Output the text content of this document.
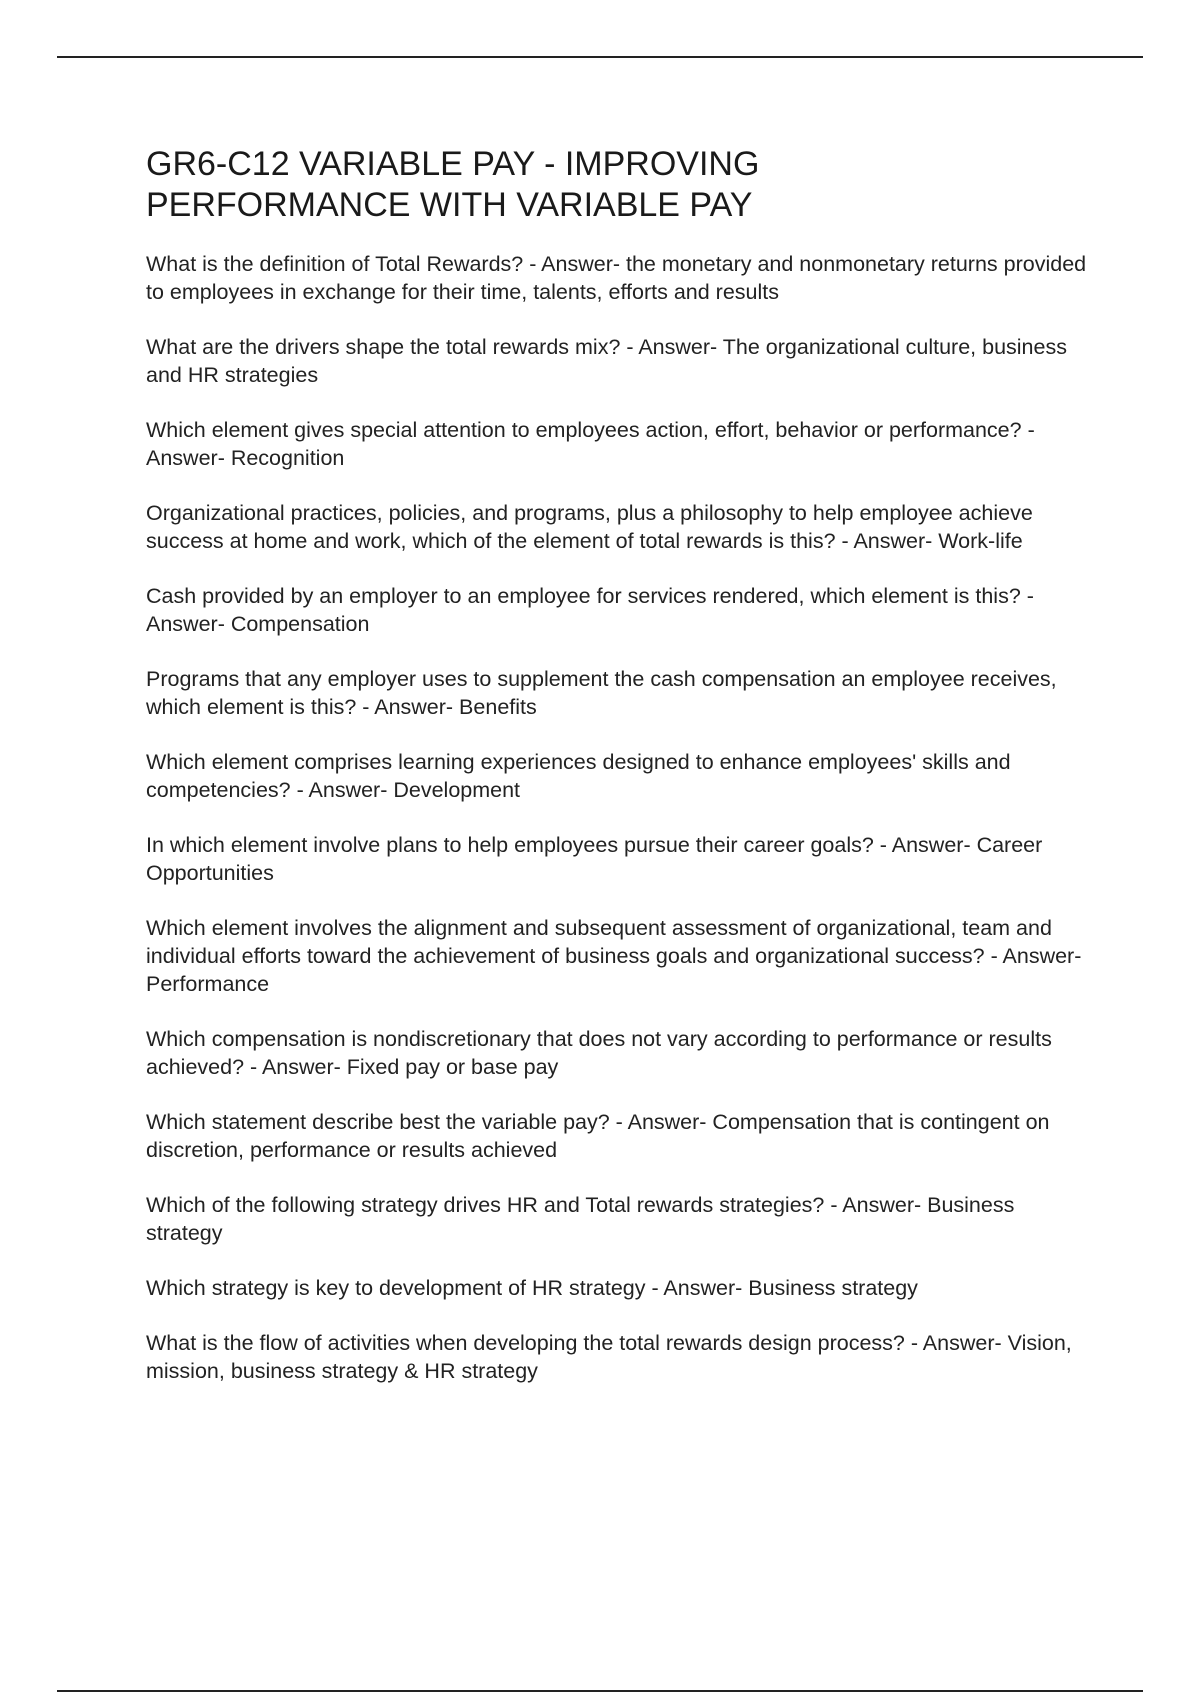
GR6-C12 VARIABLE PAY - IMPROVING
PERFORMANCE WITH VARIABLE PAY

What is the definition of Total Rewards? - Answer- the monetary and nonmonetary returns provided to employees in exchange for their time, talents, efforts and results

What are the drivers shape the total rewards mix? - Answer- The organizational culture, business and HR strategies

Which element gives special attention to employees action, effort, behavior or performance? - Answer- Recognition

Organizational practices, policies, and programs, plus a philosophy to help employee achieve success at home and work, which of the element of total rewards is this? - Answer- Work-life

Cash provided by an employer to an employee for services rendered, which element is this? - Answer- Compensation

Programs that any employer uses to supplement the cash compensation an employee receives, which element is this? - Answer- Benefits

Which element comprises learning experiences designed to enhance employees' skills and competencies? - Answer- Development

In which element involve plans to help employees pursue their career goals? - Answer- Career Opportunities

Which element involves the alignment and subsequent assessment of organizational, team and individual efforts toward the achievement of business goals and organizational success? - Answer- Performance

Which compensation is nondiscretionary that does not vary according to performance or results achieved? - Answer- Fixed pay or base pay

Which statement describe best the variable pay? - Answer- Compensation that is contingent on discretion, performance or results achieved

Which of the following strategy drives HR and Total rewards strategies? - Answer- Business strategy

Which strategy is key to development of HR strategy - Answer- Business strategy

What is the flow of activities when developing the total rewards design process? - Answer- Vision, mission, business strategy & HR strategy
